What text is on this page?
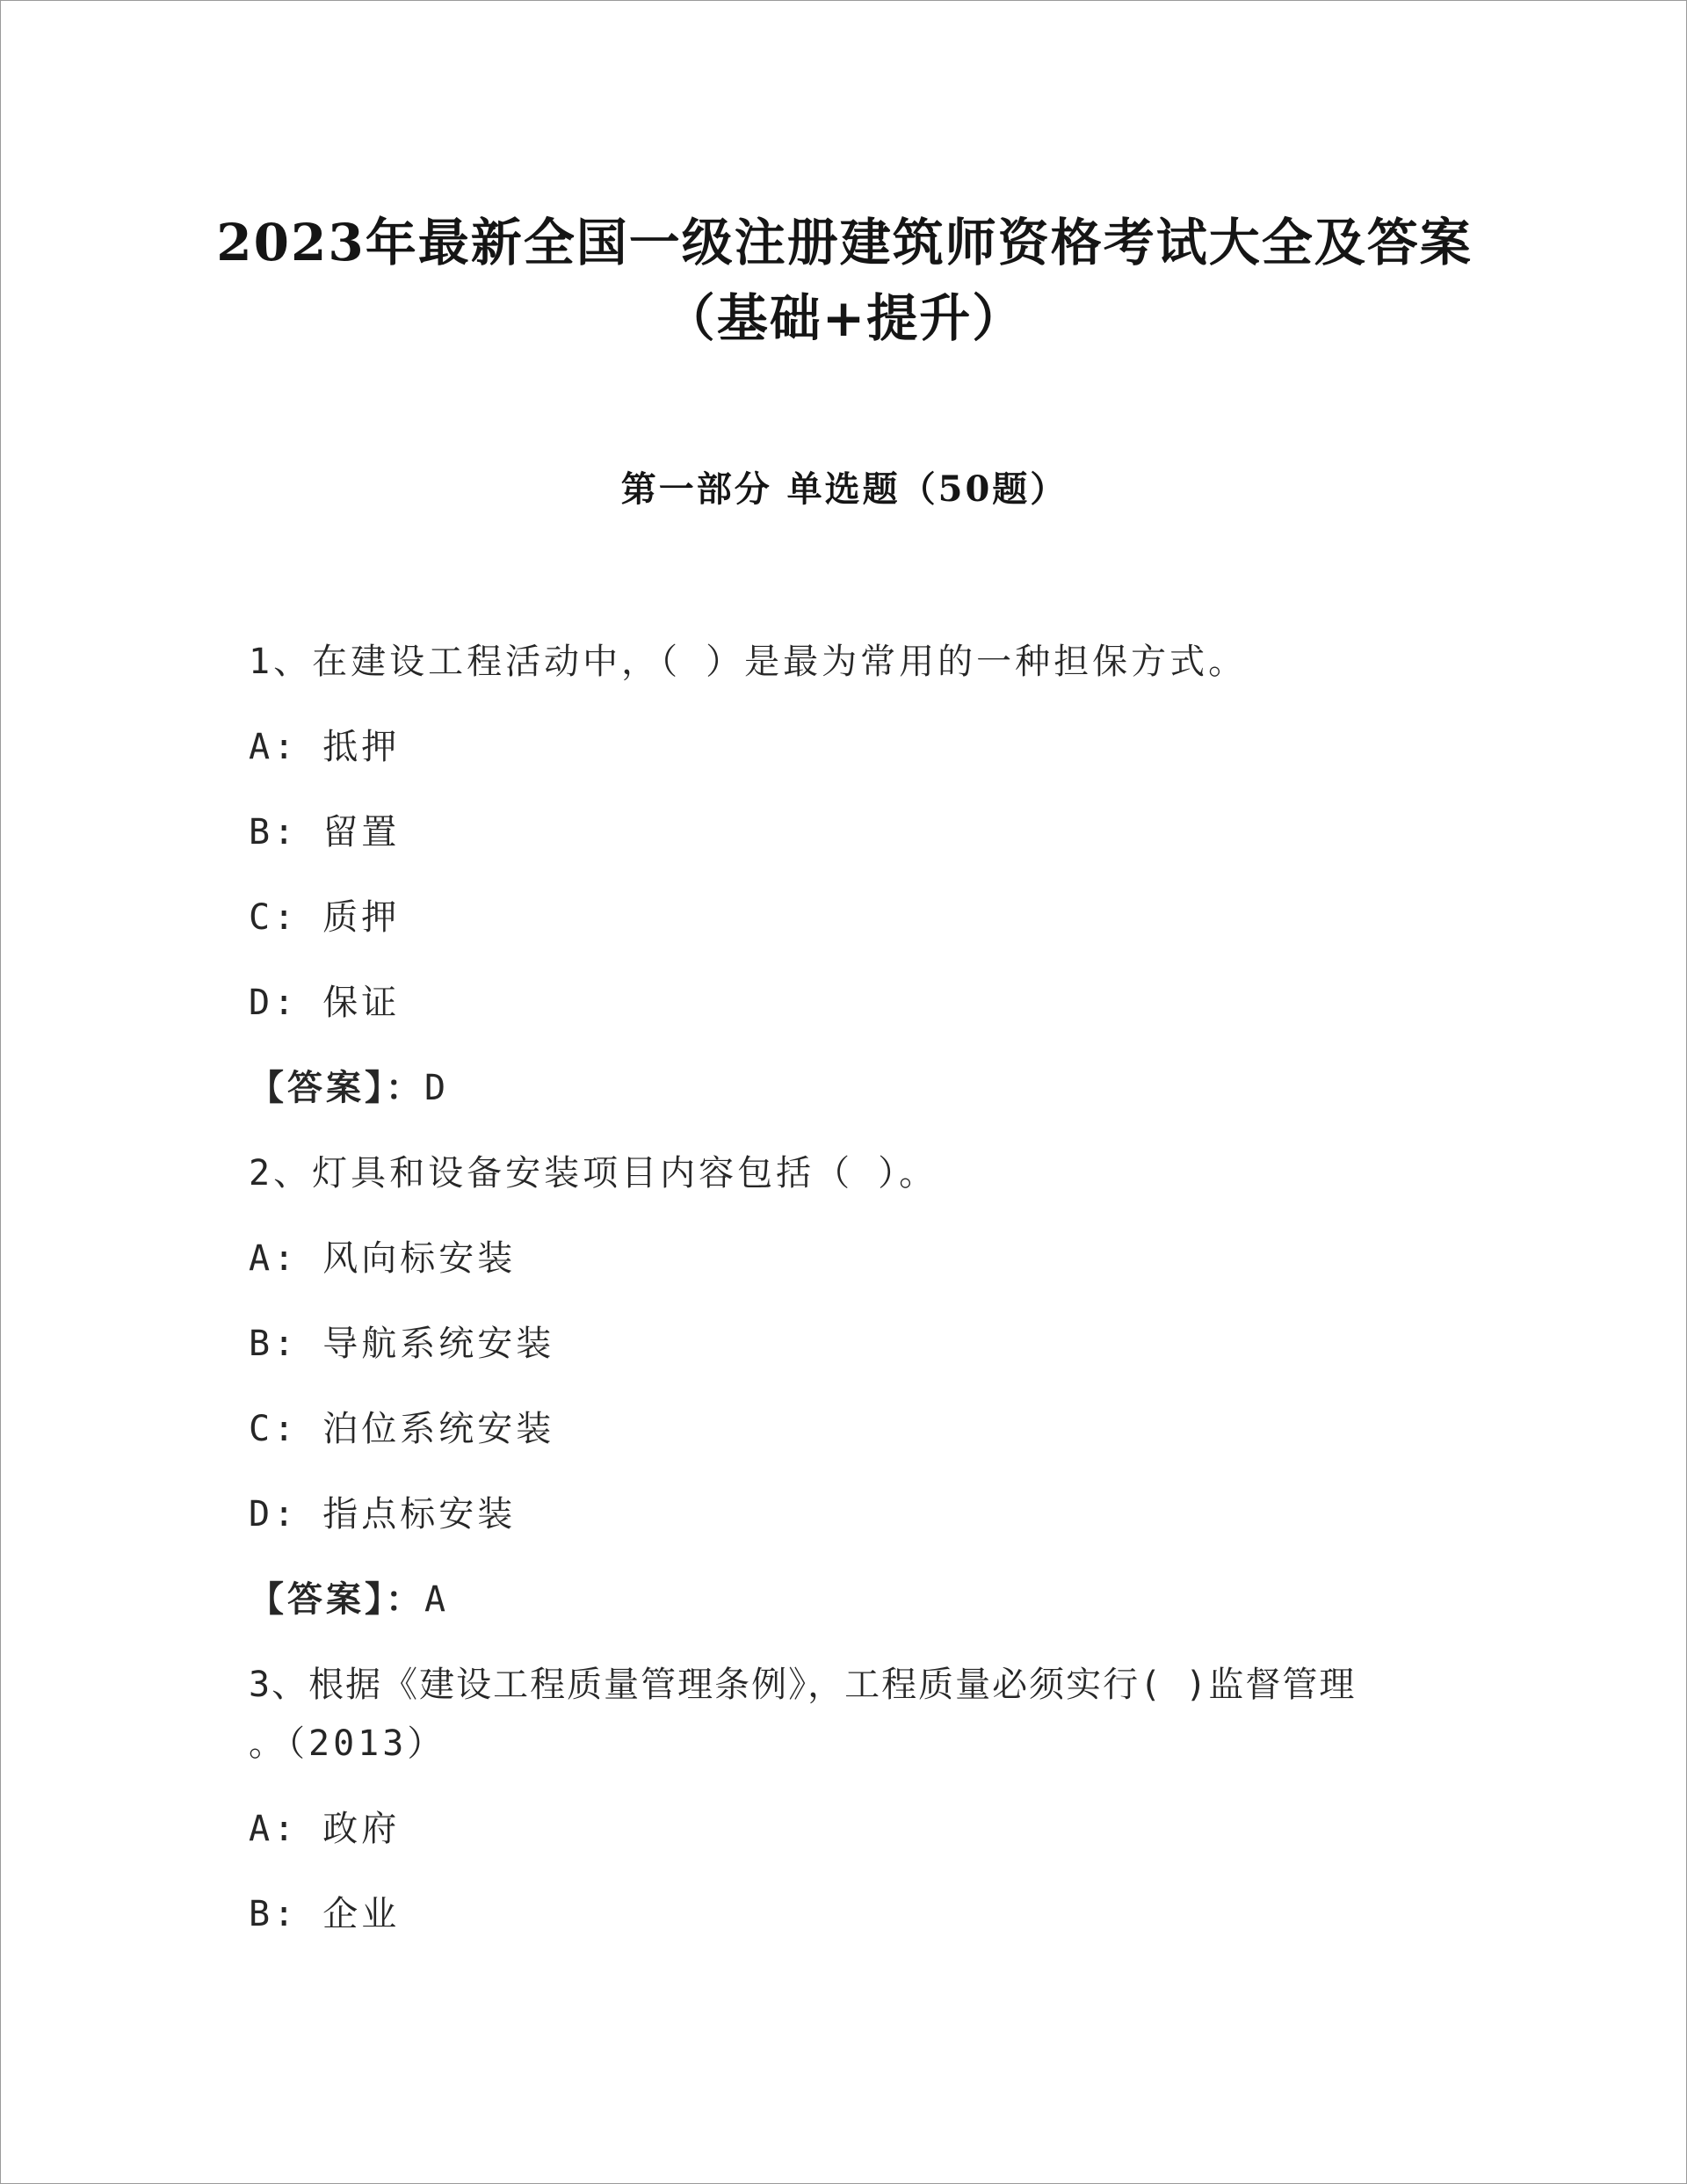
2023年最新全国一级注册建筑师资格考试大全及答案
（基础+提升）
第一部分 单选题（50题）
1、在建设工程活动中，（ ）是最为常用的一种担保方式。
A: 抵押
B: 留置
C: 质押
D: 保证
【答案】：D
2、灯具和设备安装项目内容包括（ ）。
A: 风向标安装
B: 导航系统安装
C: 泊位系统安装
D: 指点标安装
【答案】：A
3、根据《建设工程质量管理条例》，工程质量必须实行( )监督管理
。（2013）
A: 政府
B: 企业
